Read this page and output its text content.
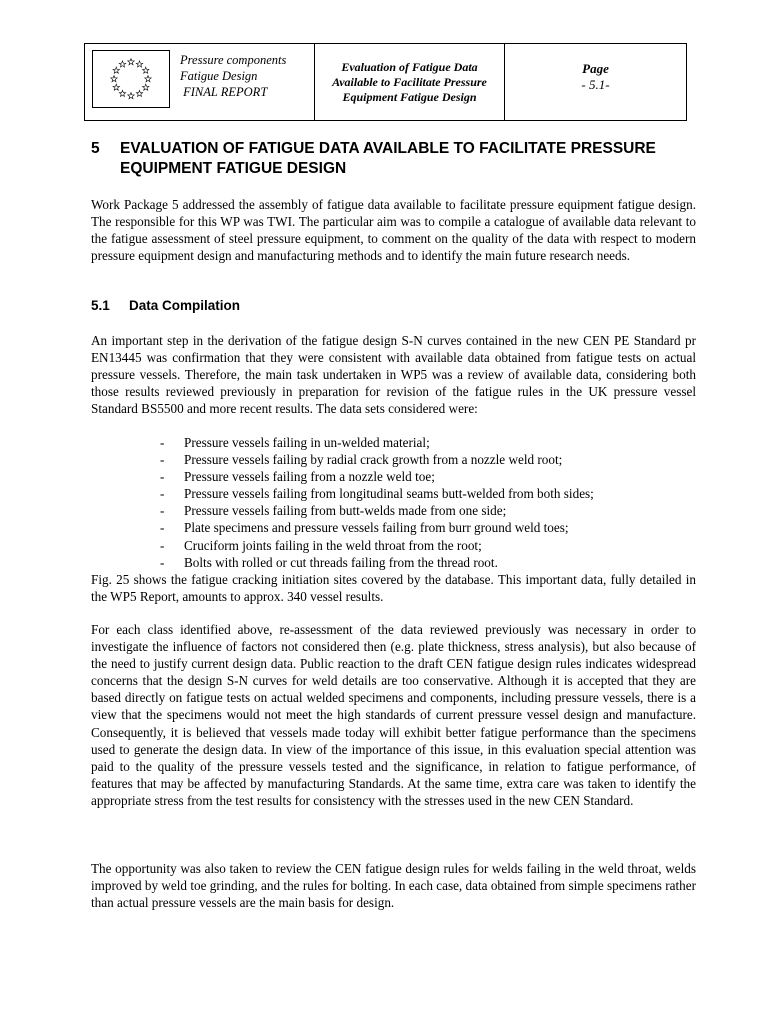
Pressure components
Fatigue Design
FINAL REPORT
Evaluation of Fatigue Data Available to Facilitate Pressure Equipment Fatigue Design
Page
- 5.1-
5 EVALUATION OF FATIGUE DATA AVAILABLE TO FACILITATE PRESSURE EQUIPMENT FATIGUE DESIGN

Work Package 5 addressed the assembly of fatigue data available to facilitate pressure equipment fatigue design. The responsible for this WP was TWI. The particular aim was to compile a catalogue of available data relevant to the fatigue assessment of steel pressure equipment, to comment on the quality of the data with respect to modern pressure equipment design and manufacturing methods and to identify the main future research needs.

5.1 Data Compilation

An important step in the derivation of the fatigue design S-N curves contained in the new CEN PE Standard pr EN13445 was confirmation that they were consistent with available data obtained from fatigue tests on actual pressure vessels. Therefore, the main task undertaken in WP5 was a review of available data, considering both those results reviewed previously in preparation for revision of the fatigue rules in the UK pressure vessel Standard BS5500 and more recent results. The data sets considered were:

- Pressure vessels failing in un-welded material;
- Pressure vessels failing by radial crack growth from a nozzle weld root;
- Pressure vessels failing from a nozzle weld toe;
- Pressure vessels failing from longitudinal seams butt-welded from both sides;
- Pressure vessels failing from butt-welds made from one side;
- Plate specimens and pressure vessels failing from burr ground weld toes;
- Cruciform joints failing in the weld throat from the root;
- Bolts with rolled or cut threads failing from the thread root.

Fig. 25 shows the fatigue cracking initiation sites covered by the database. This important data, fully detailed in the WP5 Report, amounts to approx. 340 vessel results.

For each class identified above, re-assessment of the data reviewed previously was necessary in order to investigate the influence of factors not considered then (e.g. plate thickness, stress analysis), but also because of the need to justify current design data. Public reaction to the draft CEN fatigue design rules indicates widespread concerns that the design S-N curves for weld details are too conservative. Although it is accepted that they are based directly on fatigue tests on actual welded specimens and components, including pressure vessels, there is a view that the specimens would not meet the high standards of current pressure vessel design and manufacture. Consequently, it is believed that vessels made today will exhibit better fatigue performance than the specimens used to generate the design data. In view of the importance of this issue, in this evaluation special attention was paid to the quality of the pressure vessels tested and the significance, in relation to fatigue performance, of features that may be affected by manufacturing Standards. At the same time, extra care was taken to identify the appropriate stress from the test results for consistency with the stresses used in the new CEN Standard.

The opportunity was also taken to review the CEN fatigue design rules for welds failing in the weld throat, welds improved by weld toe grinding, and the rules for bolting. In each case, data obtained from simple specimens rather than actual pressure vessels are the main basis for design.
